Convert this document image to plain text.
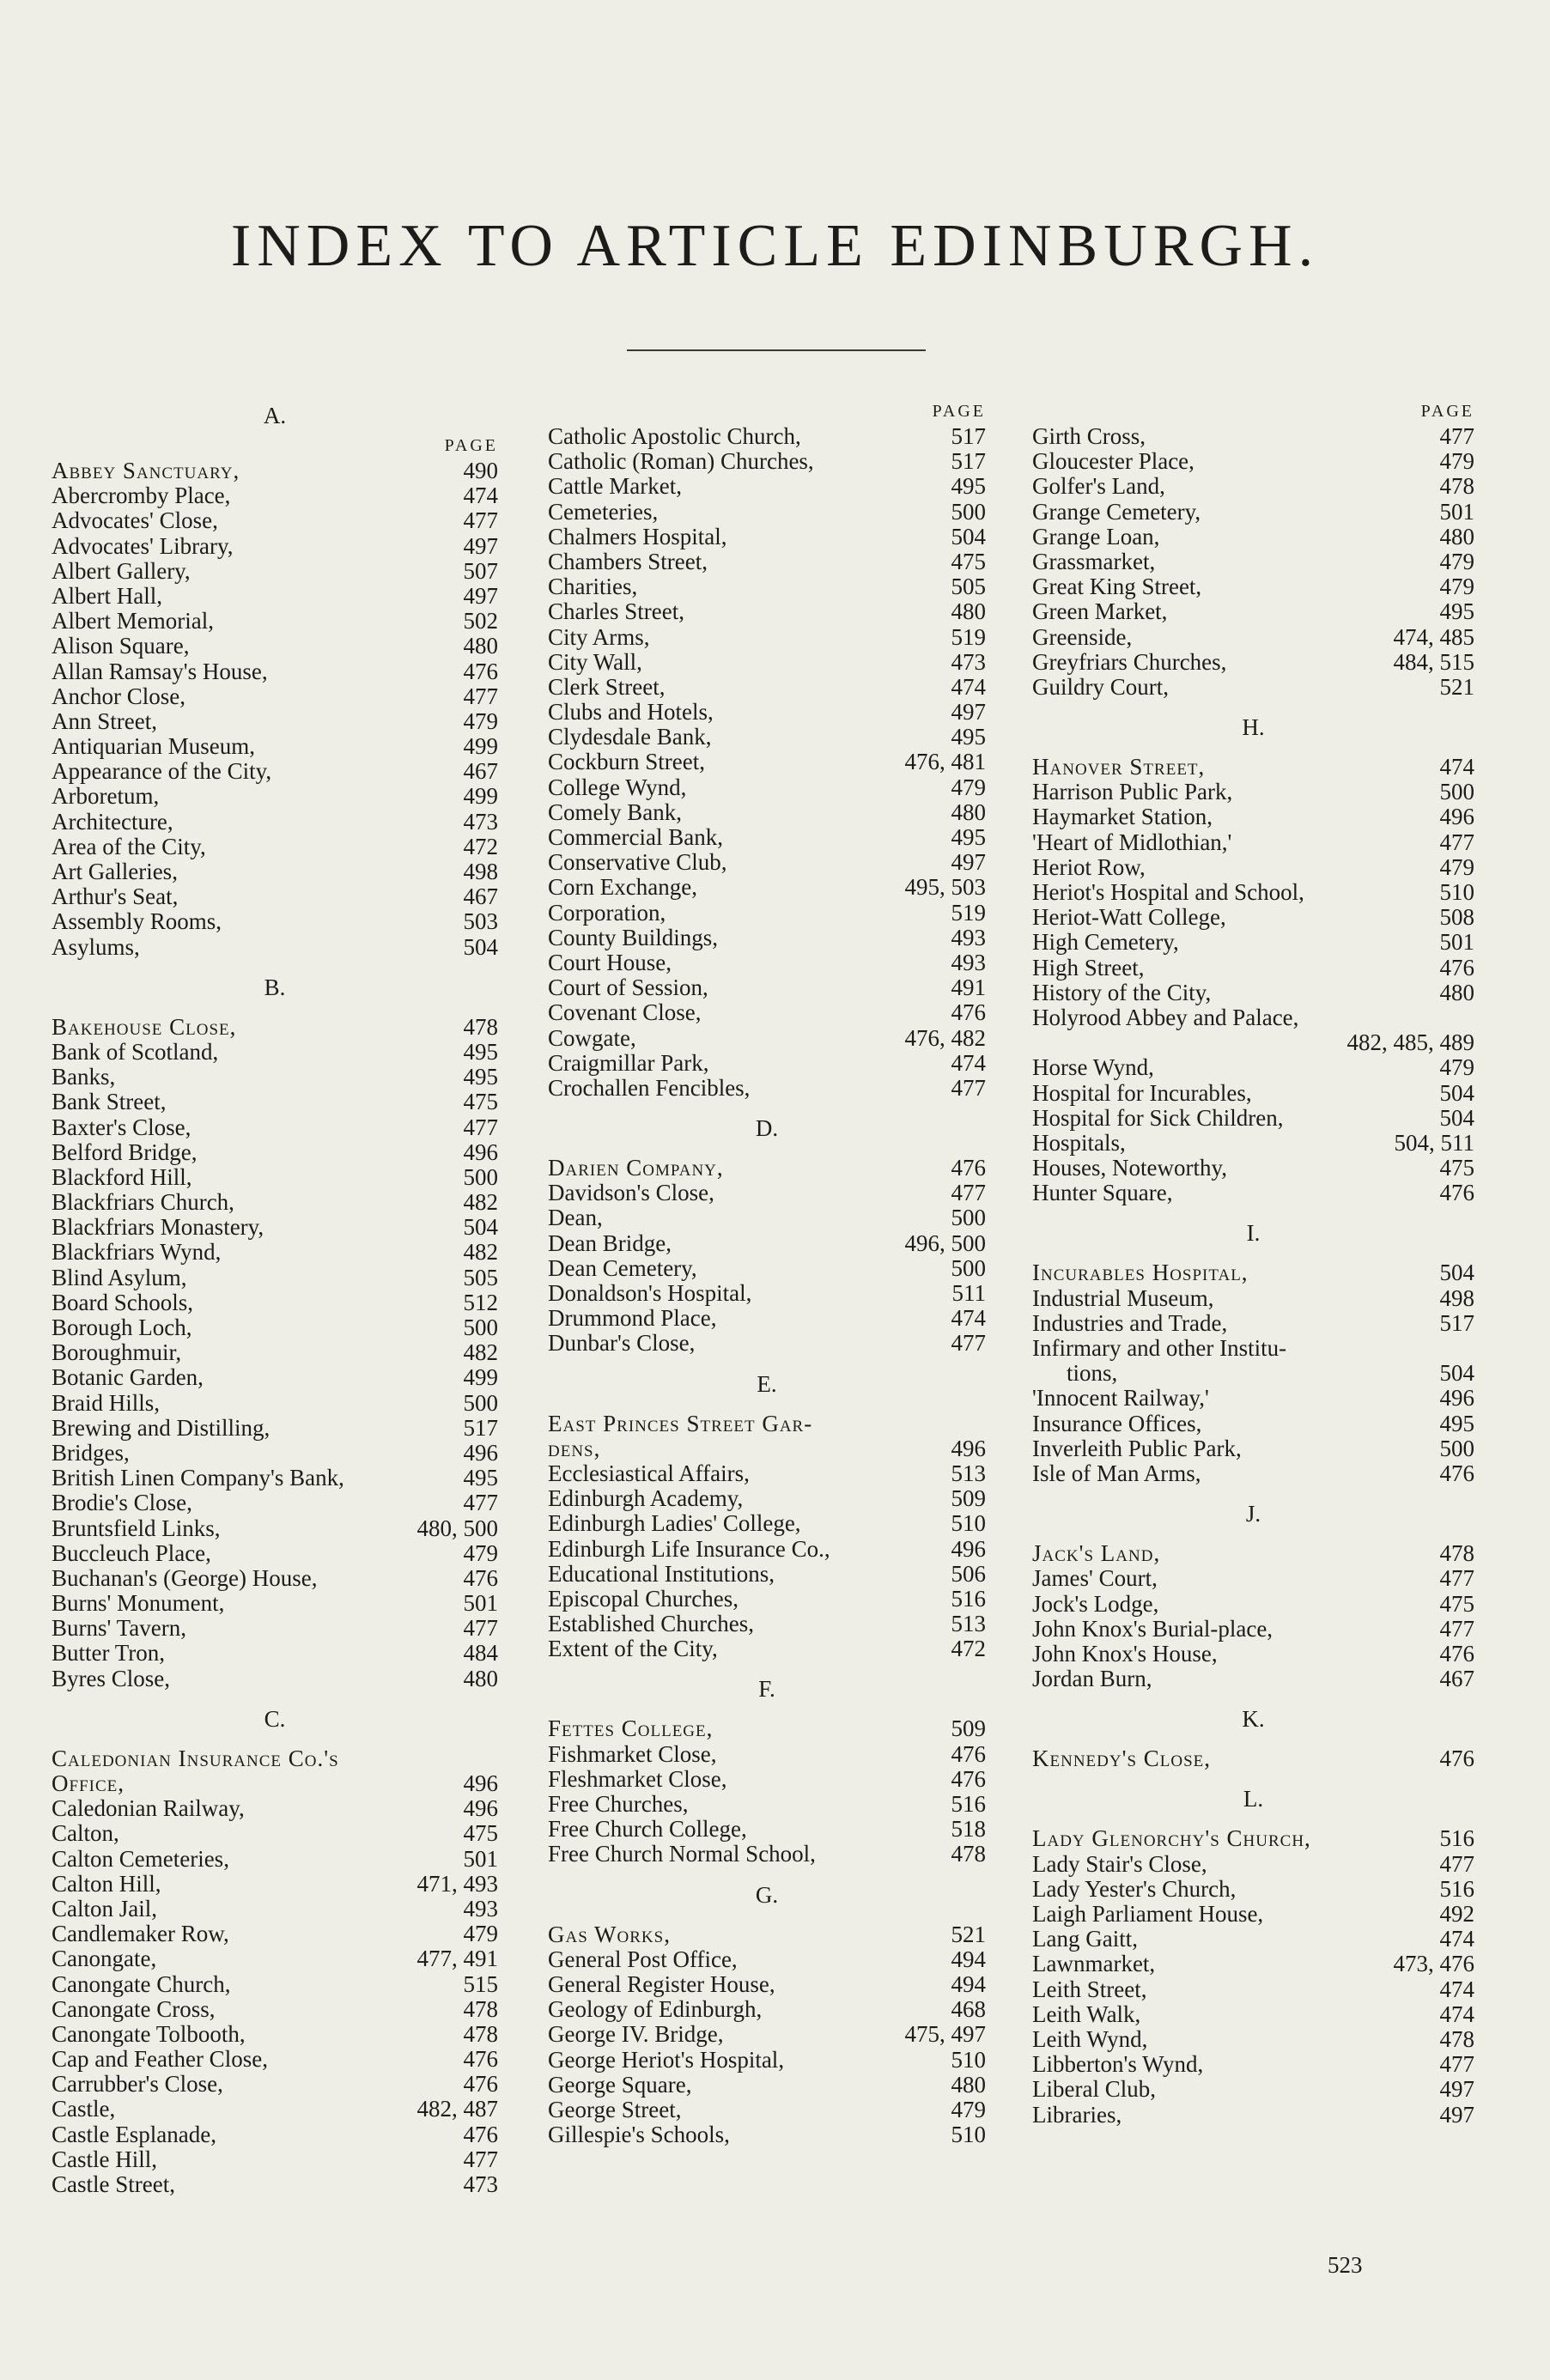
INDEX TO ARTICLE EDINBURGH.
A.
PAGE
Abbey Sanctuary,	490
Abercromby Place,	474
Advocates' Close,	477
Advocates' Library,	497
Albert Gallery,	507
Albert Hall,	497
Albert Memorial,	502
Alison Square,	480
Allan Ramsay's House,	476
Anchor Close,	477
Ann Street,	479
Antiquarian Museum,	499
Appearance of the City,	467
Arboretum,	499
Architecture,	473
Area of the City,	472
Art Galleries,	498
Arthur's Seat,	467
Assembly Rooms,	503
Asylums,	504
B.
Bakehouse Close,	478
Bank of Scotland,	495
Banks,	495
Bank Street,	475
Baxter's Close,	477
Belford Bridge,	496
Blackford Hill,	500
Blackfriars Church,	482
Blackfriars Monastery,	504
Blackfriars Wynd,	482
Blind Asylum,	505
Board Schools,	512
Borough Loch,	500
Boroughmuir,	482
Botanic Garden,	499
Braid Hills,	500
Brewing and Distilling,	517
Bridges,	496
British Linen Company's Bank,	495
Brodie's Close,	477
Bruntsfield Links,	480, 500
Buccleuch Place,	479
Buchanan's (George) House,	476
Burns' Monument,	501
Burns' Tavern,	477
Butter Tron,	484
Byres Close,	480
C.
Caledonian Insurance Co.'s
Office,	496
Caledonian Railway,	496
Calton,	475
Calton Cemeteries,	501
Calton Hill,	471, 493
Calton Jail,	493
Candlemaker Row,	479
Canongate,	477, 491
Canongate Church,	515
Canongate Cross,	478
Canongate Tolbooth,	478
Cap and Feather Close,	476
Carrubber's Close,	476
Castle,	482, 487
Castle Esplanade,	476
Castle Hill,	477
Castle Street,	473
PAGE
Catholic Apostolic Church,	517
Catholic (Roman) Churches,	517
Cattle Market,	495
Cemeteries,	500
Chalmers Hospital,	504
Chambers Street,	475
Charities,	505
Charles Street,	480
City Arms,	519
City Wall,	473
Clerk Street,	474
Clubs and Hotels,	497
Clydesdale Bank,	495
Cockburn Street,	476, 481
College Wynd,	479
Comely Bank,	480
Commercial Bank,	495
Conservative Club,	497
Corn Exchange,	495, 503
Corporation,	519
County Buildings,	493
Court House,	493
Court of Session,	491
Covenant Close,	476
Cowgate,	476, 482
Craigmillar Park,	474
Crochallen Fencibles,	477
D.
Darien Company,	476
Davidson's Close,	477
Dean,	500
Dean Bridge,	496, 500
Dean Cemetery,	500
Donaldson's Hospital,	511
Drummond Place,	474
Dunbar's Close,	477
E.
East Princes Street Gar-
dens,	496
Ecclesiastical Affairs,	513
Edinburgh Academy,	509
Edinburgh Ladies' College,	510
Edinburgh Life Insurance Co.,	496
Educational Institutions,	506
Episcopal Churches,	516
Established Churches,	513
Extent of the City,	472
F.
Fettes College,	509
Fishmarket Close,	476
Fleshmarket Close,	476
Free Churches,	516
Free Church College,	518
Free Church Normal School,	478
G.
Gas Works,	521
General Post Office,	494
General Register House,	494
Geology of Edinburgh,	468
George IV. Bridge,	475, 497
George Heriot's Hospital,	510
George Square,	480
George Street,	479
Gillespie's Schools,	510
PAGE
Girth Cross,	477
Gloucester Place,	479
Golfer's Land,	478
Grange Cemetery,	501
Grange Loan,	480
Grassmarket,	479
Great King Street,	479
Green Market,	495
Greenside,	474, 485
Greyfriars Churches,	484, 515
Guildry Court,	521
H.
Hanover Street,	474
Harrison Public Park,	500
Haymarket Station,	496
'Heart of Midlothian,'	477
Heriot Row,	479
Heriot's Hospital and School,	510
Heriot-Watt College,	508
High Cemetery,	501
High Street,	476
History of the City,	480
Holyrood Abbey and Palace,
482, 485, 489
Horse Wynd,	479
Hospital for Incurables,	504
Hospital for Sick Children,	504
Hospitals,	504, 511
Houses, Noteworthy,	475
Hunter Square,	476
I.
Incurables Hospital,	504
Industrial Museum,	498
Industries and Trade,	517
Infirmary and other Institu-
tions,	504
'Innocent Railway,'	496
Insurance Offices,	495
Inverleith Public Park,	500
Isle of Man Arms,	476
J.
Jack's Land,	478
James' Court,	477
Jock's Lodge,	475
John Knox's Burial-place,	477
John Knox's House,	476
Jordan Burn,	467
K.
Kennedy's Close,	476
L.
Lady Glenorchy's Church,	516
Lady Stair's Close,	477
Lady Yester's Church,	516
Laigh Parliament House,	492
Lang Gaitt,	474
Lawnmarket,	473, 476
Leith Street,	474
Leith Walk,	474
Leith Wynd,	478
Libberton's Wynd,	477
Liberal Club,	497
Libraries,	497
523
